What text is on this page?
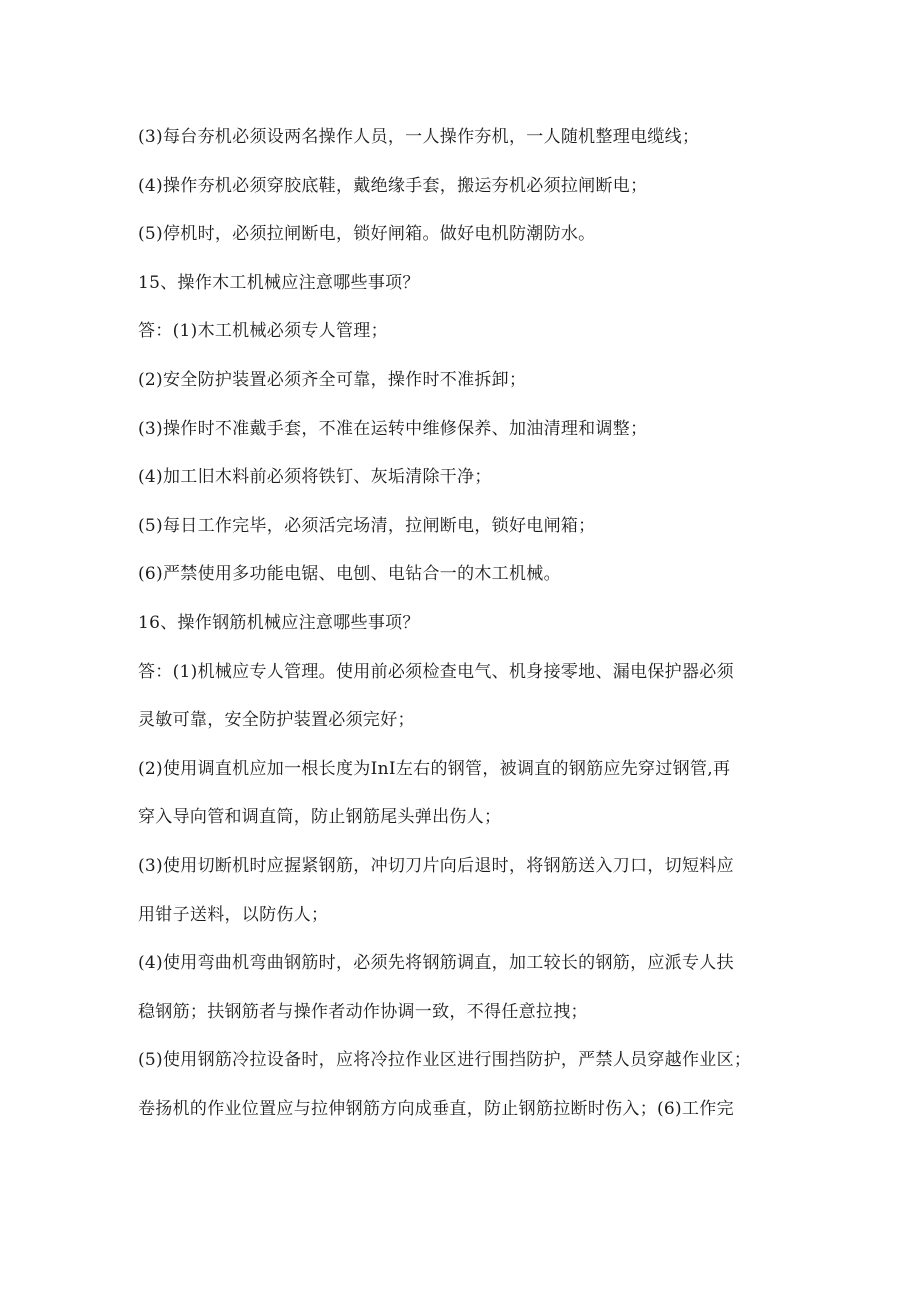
(3)每台夯机必须设两名操作人员，一人操作夯机，一人随机整理电缆线；
(4)操作夯机必须穿胶底鞋，戴绝缘手套，搬运夯机必须拉闸断电；
(5)停机时，必须拉闸断电，锁好闸箱。做好电机防潮防水。
15、操作木工机械应注意哪些事项？
答：(1)木工机械必须专人管理；
(2)安全防护装置必须齐全可靠，操作时不准拆卸；
(3)操作时不准戴手套，不准在运转中维修保养、加油清理和调整；
(4)加工旧木料前必须将铁钉、灰垢清除干净；
(5)每日工作完毕，必须活完场清，拉闸断电，锁好电闸箱；
(6)严禁使用多功能电锯、电刨、电钻合一的木工机械。
16、操作钢筋机械应注意哪些事项？
答：(1)机械应专人管理。使用前必须检查电气、机身接零地、漏电保护器必须
灵敏可靠，安全防护装置必须完好；
(2)使用调直机应加一根长度为InI左右的钢管，被调直的钢筋应先穿过钢管,再
穿入导向管和调直筒，防止钢筋尾头弹出伤人；
(3)使用切断机时应握紧钢筋，冲切刀片向后退时，将钢筋送入刀口，切短料应
用钳子送料，以防伤人；
(4)使用弯曲机弯曲钢筋时，必须先将钢筋调直，加工较长的钢筋，应派专人扶
稳钢筋；扶钢筋者与操作者动作协调一致，不得任意拉拽；
(5)使用钢筋冷拉设备时，应将冷拉作业区进行围挡防护，严禁人员穿越作业区；
卷扬机的作业位置应与拉伸钢筋方向成垂直，防止钢筋拉断时伤入；(6)工作完
